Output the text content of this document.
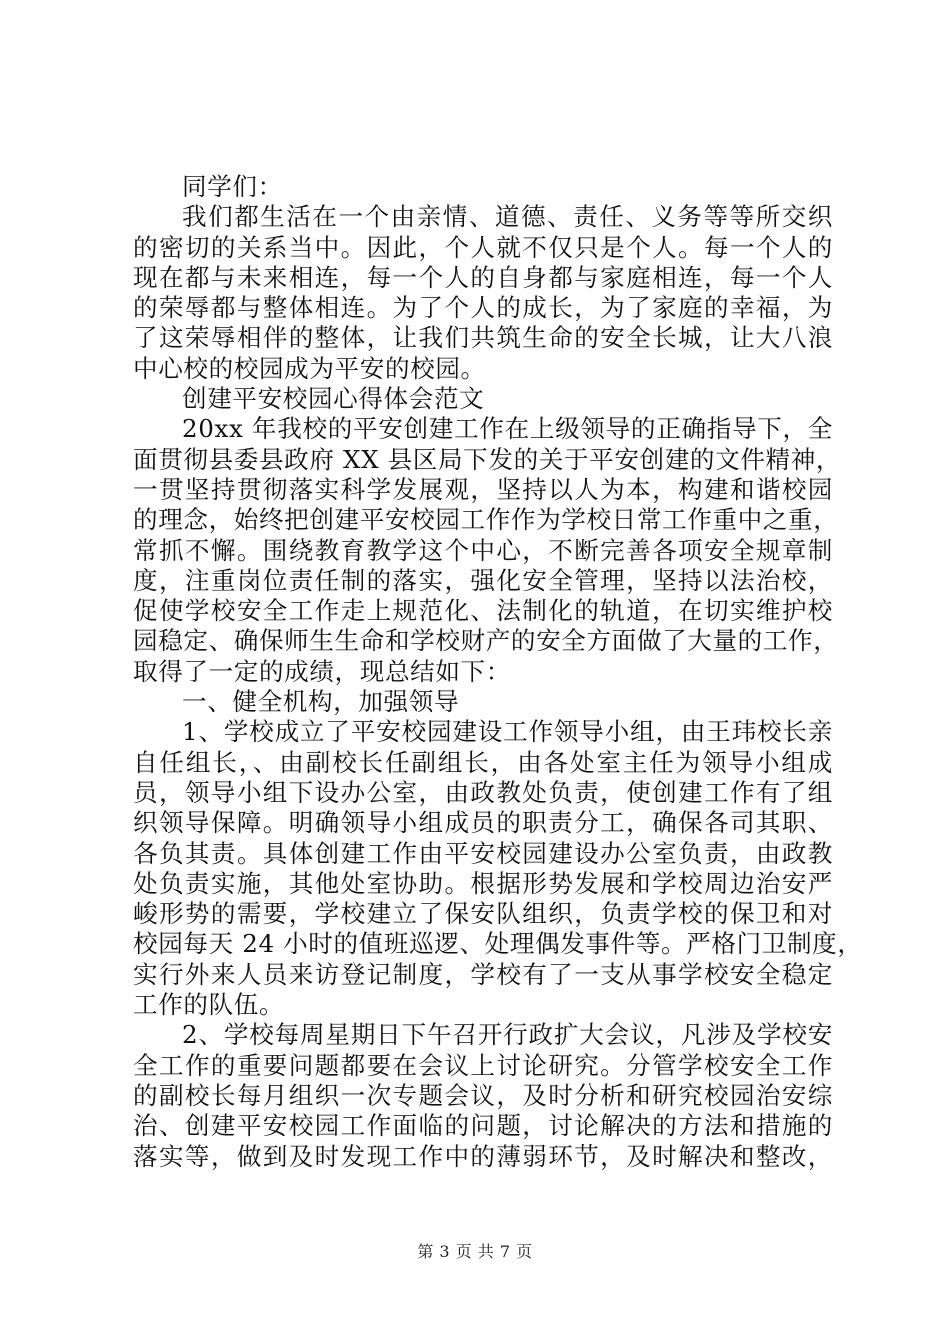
同学们：
我们都生活在一个由亲情、道德、责任、义务等等所交织
的密切的关系当中。因此，个人就不仅只是个人。每一个人的
现在都与未来相连，每一个人的自身都与家庭相连，每一个人
的荣辱都与整体相连。为了个人的成长，为了家庭的幸福，为
了这荣辱相伴的整体，让我们共筑生命的安全长城，让大八浪
中心校的校园成为平安的校园。
创建平安校园心得体会范文
20xx 年我校的平安创建工作在上级领导的正确指导下，全
面贯彻县委县政府 XX 县区局下发的关于平安创建的文件精神，
一贯坚持贯彻落实科学发展观，坚持以人为本，构建和谐校园
的理念，始终把创建平安校园工作作为学校日常工作重中之重，
常抓不懈。围绕教育教学这个中心，不断完善各项安全规章制
度，注重岗位责任制的落实，强化安全管理，坚持以法治校，
促使学校安全工作走上规范化、法制化的轨道，在切实维护校
园稳定、确保师生生命和学校财产的安全方面做了大量的工作，
取得了一定的成绩，现总结如下：
一、健全机构，加强领导
1、学校成立了平安校园建设工作领导小组，由王玮校长亲
自任组长，、由副校长任副组长，由各处室主任为领导小组成
员，领导小组下设办公室，由政教处负责，使创建工作有了组
织领导保障。明确领导小组成员的职责分工，确保各司其职、
各负其责。具体创建工作由平安校园建设办公室负责，由政教
处负责实施，其他处室协助。根据形势发展和学校周边治安严
峻形势的需要，学校建立了保安队组织，负责学校的保卫和对
校园每天 24 小时的值班巡逻、处理偶发事件等。严格门卫制度，
实行外来人员来访登记制度，学校有了一支从事学校安全稳定
工作的队伍。
2、学校每周星期日下午召开行政扩大会议，凡涉及学校安
全工作的重要问题都要在会议上讨论研究。分管学校安全工作
的副校长每月组织一次专题会议，及时分析和研究校园治安综
治、创建平安校园工作面临的问题，讨论解决的方法和措施的
落实等，做到及时发现工作中的薄弱环节，及时解决和整改，
第 3 页 共 7 页
